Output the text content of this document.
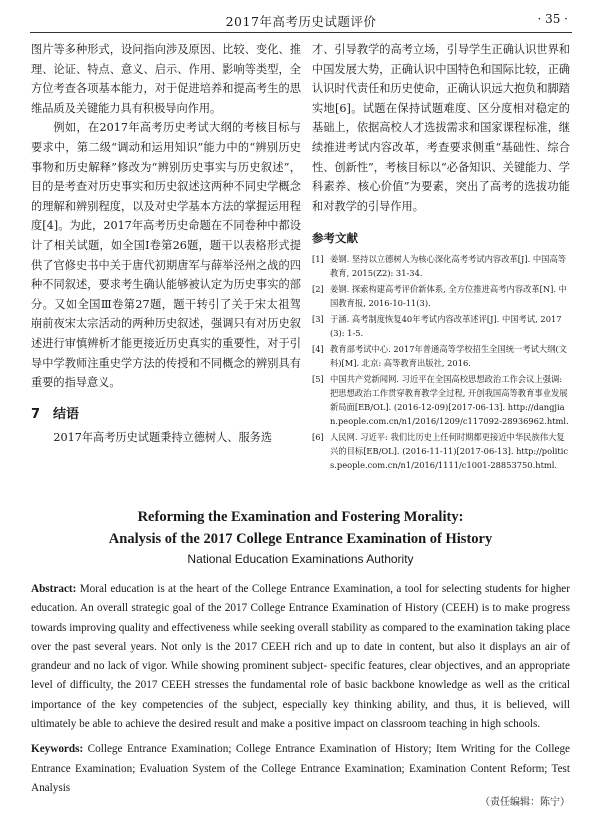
2017年高考历史试题评价	· 35 ·

图片等多种形式，设问指向涉及原因、比较、变化、推理、论证、特点、意义、启示、作用、影响等类型，全方位考查各项基本能力，对于促进培养和提高考生的思维品质及关键能力具有积极导向作用。

例如，在2017年高考历史考试大纲的考核目标与要求中，第二级“调动和运用知识”能力中的“辨别历史事物和历史解释”修改为“辨别历史事实与历史叙述”，目的是考查对历史事实和历史叙述这两种不同史学概念的理解和辨别程度，以及对史学基本方法的掌握运用程度[4]。为此，2017年高考历史命题在不同卷种中都设计了相关试题，如全国Ⅰ卷第26题，题干以表格形式提供了官修史书中关于唐代初期唐军与薛举泾州之战的四种不同叙述，要求考生确认能够被认定为历史事实的部分。又如全国Ⅲ卷第27题，题干转引了关于宋太祖驾崩前夜宋太宗活动的两种历史叙述，强调只有对历史叙述进行审慎辨析才能更接近历史真实的重要性，对于引导中学教师注重史学方法的传授和不同概念的辨别具有重要的指导意义。

7 结语

2017年高考历史试题秉持立德树人、服务选

才、引导教学的高考立场，引导学生正确认识世界和中国发展大势，正确认识中国特色和国际比较，正确认识时代责任和历史使命，正确认识远大抱负和脚踏实地[6]。试题在保持试题难度、区分度相对稳定的基础上，依据高校人才选拔需求和国家课程标准，继续推进考试内容改革，考查要求侧重“基础性、综合性、创新性”，考核目标以“必备知识、关键能力、学科素养、核心价值”为要素，突出了高考的选拔功能和对教学的引导作用。

参考文献
[1] 姜钢. 坚持以立德树人为核心深化高考考试内容改革[J]. 中国高等教育, 2015(Z2): 31-34.
[2] 姜钢. 探索构建高考评价新体系, 全方位推进高考内容改革[N]. 中国教育报, 2016-10-11(3).
[3] 于涵. 高考制度恢复40年考试内容改革述评[J]. 中国考试, 2017(3): 1-5.
[4] 教育部考试中心. 2017年普通高等学校招生全国统一考试大纲(文科)[M]. 北京: 高等教育出版社, 2016.
[5] 中国共产党新闻网. 习近平在全国高校思想政治工作会议上强调: 把思想政治工作贯穿教育教学全过程, 开创我国高等教育事业发展新局面[EB/OL]. (2016-12-09)[2017-06-13]. http://dangjian.people.com.cn/n1/2016/1209/c117092-28936962.html.
[6] 人民网. 习近平: 我们比历史上任何时期都更接近中华民族伟大复兴的目标[EB/OL]. (2016-11-11)[2017-06-13]. http://politics.people.com.cn/n1/2016/1111/c1001-28853750.html.

Reforming the Examination and Fostering Morality:

Analysis of the 2017 College Entrance Examination of History

National Education Examinations Authority

Abstract: Moral education is at the heart of the College Entrance Examination, a tool for selecting students for higher education. An overall strategic goal of the 2017 College Entrance Examination of History (CEEH) is to make progress towards improving quality and effectiveness while seeking overall stability as compared to the examination taking place over the past several years. Not only is the 2017 CEEH rich and up to date in content, but also it displays an air of grandeur and no lack of vigor. While showing prominent subject- specific features, clear objectives, and an appropriate level of difficulty, the 2017 CEEH stresses the fundamental role of basic backbone knowledge as well as the critical importance of the key competencies of the subject, especially key thinking ability, and thus, it is believed, will ultimately be able to achieve the desired result and make a positive impact on classroom teaching in high schools.

Keywords: College Entrance Examination; College Entrance Examination of History; Item Writing for the College Entrance Examination; Evaluation System of the College Entrance Examination; Examination Content Reform; Test Analysis

（责任编辑：陈宁）
